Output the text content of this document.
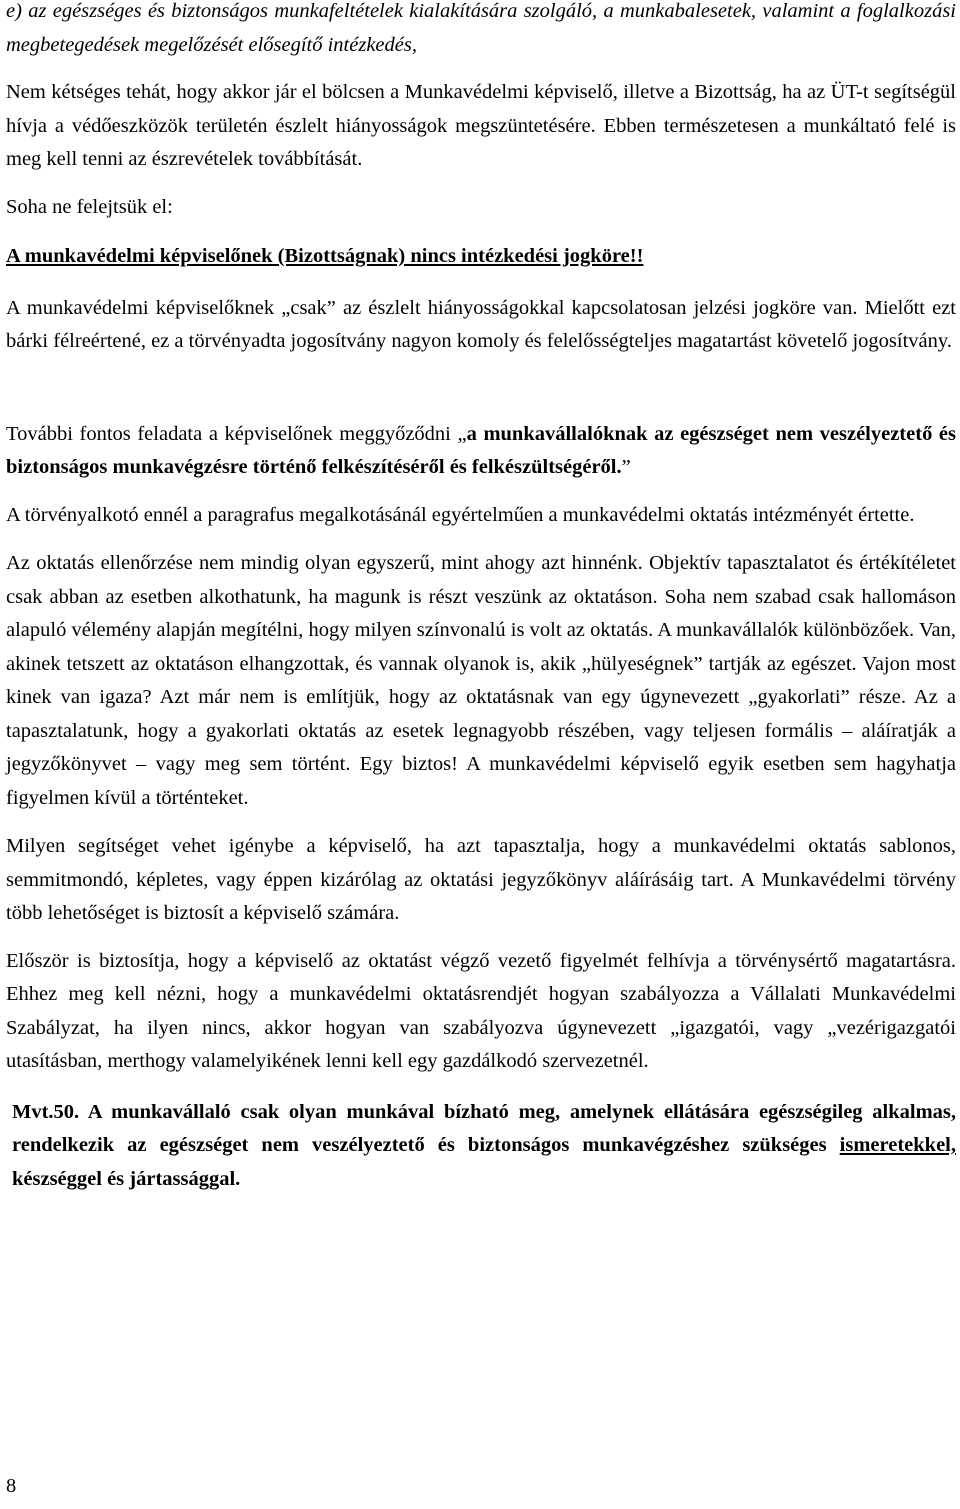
e) az egészséges és biztonságos munkafeltételek kialakítására szolgáló, a munkabalesetek, valamint a foglalkozási megbetegedések megelőzését elősegítő intézkedés,

Nem kétséges tehát, hogy akkor jár el bölcsen a Munkavédelmi képviselő, illetve a Bizottság, ha az ÜT-t segítségül hívja a védőeszközök területén észlelt hiányosságok megszüntetésére. Ebben természetesen a munkáltató felé is meg kell tenni az észrevételek továbbítását.

Soha ne felejtsük el:

A munkavédelmi képviselőnek (Bizottságnak) nincs intézkedési jogköre!!

A munkavédelmi képviselőknek „csak” az észlelt hiányosságokkal kapcsolatosan jelzési jogköre van. Mielőtt ezt bárki félreértené, ez a törvényadta jogosítvány nagyon komoly és felelősségteljes magatartást követelő jogosítvány.

További fontos feladata a képviselőnek meggyőződni „a munkavállalóknak az egészséget nem veszélyeztető és biztonságos munkavégzésre történő felkészítéséről és felkészültségéről.”

A törvényalkotó ennél a paragrafus megalkotásánál egyértelműen a munkavédelmi oktatás intézményét értette.

Az oktatás ellenőrzése nem mindig olyan egyszerű, mint ahogy azt hinnénk. Objektív tapasztalatot és értékítéletet csak abban az esetben alkothatunk, ha magunk is részt veszünk az oktatáson. Soha nem szabad csak hallomáson alapuló vélemény alapján megítélni, hogy milyen színvonalú is volt az oktatás. A munkavállalók különbözőek. Van, akinek tetszett az oktatáson elhangzottak, és vannak olyanok is, akik „hülyeségnek” tartják az egészet. Vajon most kinek van igaza? Azt már nem is említjük, hogy az oktatásnak van egy úgynevezett „gyakorlati” része. Az a tapasztalatunk, hogy a gyakorlati oktatás az esetek legnagyobb részében, vagy teljesen formális – aláíratják a jegyzőkönyvet – vagy meg sem történt. Egy biztos! A munkavédelmi képviselő egyik esetben sem hagyhatja figyelmen kívül a történteket.

Milyen segítséget vehet igénybe a képviselő, ha azt tapasztalja, hogy a munkavédelmi oktatás sablonos, semmitmondó, képletes, vagy éppen kizárólag az oktatási jegyzőkönyv aláírásáig tart. A Munkavédelmi törvény több lehetőséget is biztosít a képviselő számára.

Először is biztosítja, hogy a képviselő az oktatást végző vezető figyelmét felhívja a törvénysértő magatartásra. Ehhez meg kell nézni, hogy a munkavédelmi oktatásrendjét hogyan szabályozza a Vállalati Munkavédelmi Szabályzat, ha ilyen nincs, akkor hogyan van szabályozva úgynevezett „igazgatói, vagy „vezérigazgatói utasításban, merthogy valamelyikének lenni kell egy gazdálkodó szervezetnél.

Mvt.50. A munkavállaló csak olyan munkával bízható meg, amelynek ellátására egészségileg alkalmas, rendelkezik az egészséget nem veszélyeztető és biztonságos munkavégzéshez szükséges ismeretekkel, készséggel és jártassággal.

8
